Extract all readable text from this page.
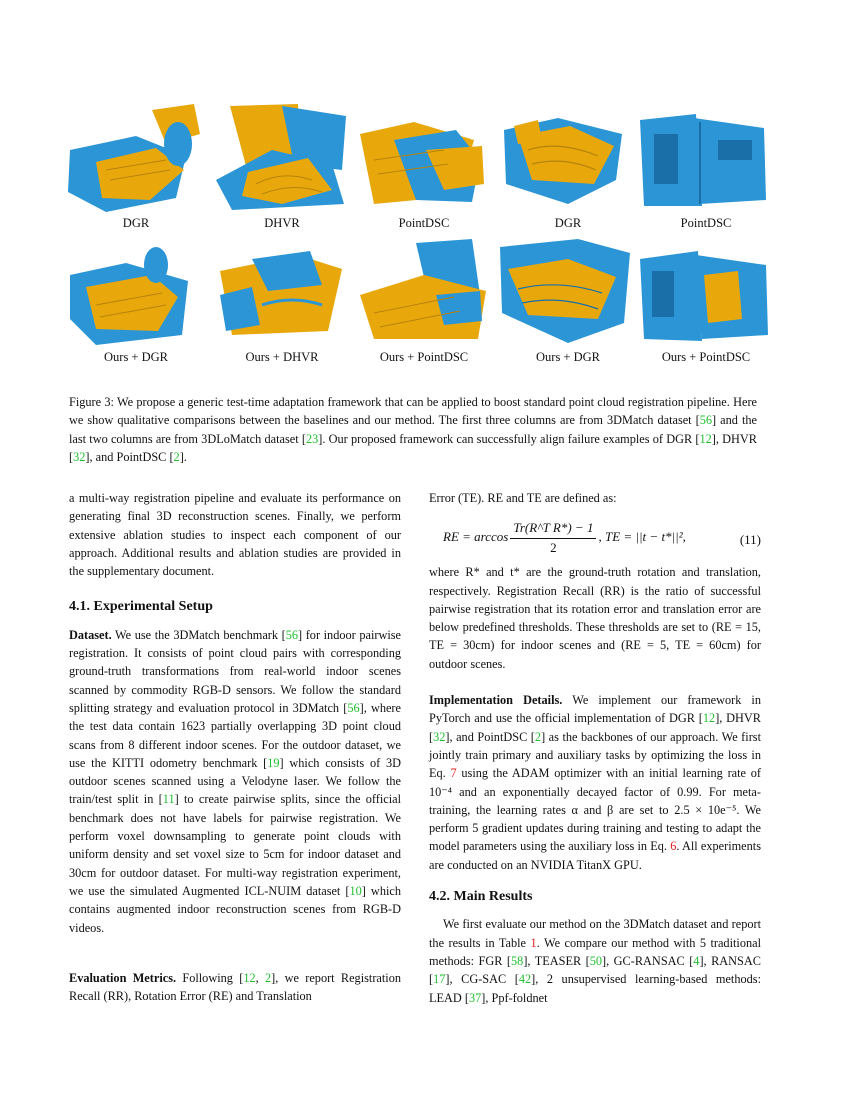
DGR	DHVR	PointDSC	DGR	PointDSC
Ours + DGR	Ours + DHVR	Ours + PointDSC	Ours + DGR	Ours + PointDSC
Figure 3: We propose a generic test-time adaptation framework that can be applied to boost standard point cloud registration pipeline. Here we show qualitative comparisons between the baselines and our method. The first three columns are from 3DMatch dataset [56] and the last two columns are from 3DLoMatch dataset [23]. Our proposed framework can successfully align failure examples of DGR [12], DHVR [32], and PointDSC [2].

a multi-way registration pipeline and evaluate its performance on generating final 3D reconstruction scenes. Finally, we perform extensive ablation studies to inspect each component of our approach. Additional results and ablation studies are provided in the supplementary document.

4.1. Experimental Setup

Dataset. We use the 3DMatch benchmark [56] for indoor pairwise registration. It consists of point cloud pairs with corresponding ground-truth transformations from real-world indoor scenes scanned by commodity RGB-D sensors. We follow the standard splitting strategy and evaluation protocol in 3DMatch [56], where the test data contain 1623 partially overlapping 3D point cloud scans from 8 different indoor scenes. For the outdoor dataset, we use the KITTI odometry benchmark [19] which consists of 3D outdoor scenes scanned using a Velodyne laser. We follow the train/test split in [11] to create pairwise splits, since the official benchmark does not have labels for pairwise registration. We perform voxel downsampling to generate point clouds with uniform density and set voxel size to 5cm for indoor dataset and 30cm for outdoor dataset. For multi-way registration experiment, we use the simulated Augmented ICL-NUIM dataset [10] which contains augmented indoor reconstruction scenes from RGB-D videos.

Evaluation Metrics. Following [12, 2], we report Registration Recall (RR), Rotation Error (RE) and Translation

Error (TE). RE and TE are defined as:

RE = $\arccos \frac{\text{Tr(R\textasciicircum{}T R*) − 1}}{2}$ , TE = ||t − t*||²,	(11)

where R* and t* are the ground-truth rotation and translation, respectively. Registration Recall (RR) is the ratio of successful pairwise registration that its rotation error and translation error are below predefined thresholds. These thresholds are set to (RE = 15, TE = 30cm) for indoor scenes and (RE = 5, TE = 60cm) for outdoor scenes.

Implementation Details. We implement our framework in PyTorch and use the official implementation of DGR [12], DHVR [32], and PointDSC [2] as the backbones of our approach. We first jointly train primary and auxiliary tasks by optimizing the loss in Eq. 7 using the ADAM optimizer with an initial learning rate of 10⁻⁴ and an exponentially decayed factor of 0.99. For meta-training, the learning rates α and β are set to 2.5 × 10e⁻⁵. We perform 5 gradient updates during training and testing to adapt the model parameters using the auxiliary loss in Eq. 6. All experiments are conducted on an NVIDIA TitanX GPU.

4.2. Main Results

We first evaluate our method on the 3DMatch dataset and report the results in Table 1. We compare our method with 5 traditional methods: FGR [58], TEASER [50], GC-RANSAC [4], RANSAC [17], CG-SAC [42], 2 unsupervised learning-based methods: LEAD [37], Ppf-foldnet
